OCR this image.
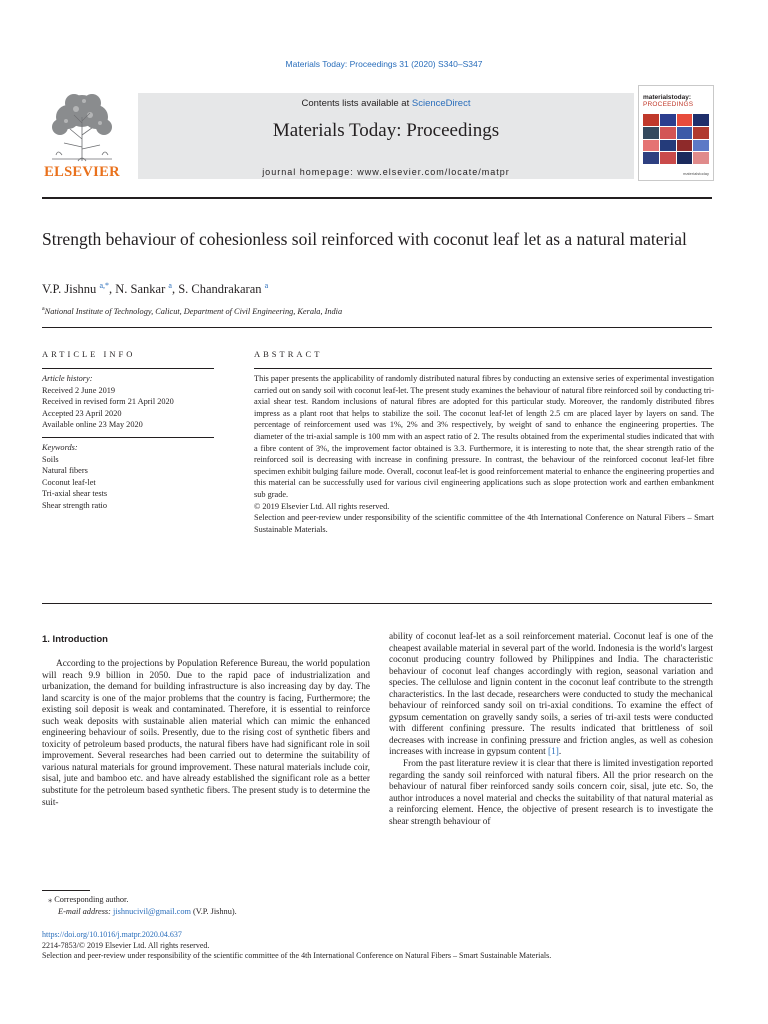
Materials Today: Proceedings 31 (2020) S340–S347
ELSEVIER
Contents lists available at ScienceDirect
Materials Today: Proceedings
journal homepage: www.elsevier.com/locate/matpr
materialstoday:
PROCEEDINGS
materialstoday
Strength behaviour of cohesionless soil reinforced with coconut leaf let as a natural material
V.P. Jishnu $^{a,*}$, N. Sankar $^a$, S. Chandrakaran $^a$
$^a$National Institute of Technology, Calicut, Department of Civil Engineering, Kerala, India
ARTICLE INFO
Article history:
Received 2 June 2019
Received in revised form 21 April 2020
Accepted 23 April 2020
Available online 23 May 2020
Keywords:
Soils
Natural fibers
Coconut leaf-let
Tri-axial shear tests
Shear strength ratio
ABSTRACT

This paper presents the applicability of randomly distributed natural fibres by conducting an extensive series of experimental investigation carried out on sandy soil with coconut leaf-let. The present study examines the behaviour of natural fibre reinforced soil by conducting tri-axial shear test. Random inclusions of natural fibres are adopted for this particular study. Moreover, the randomly distributed fibres impress as a plant root that helps to stabilize the soil. The coconut leaf-let of length 2.5 cm are placed layer by layers on sand. The percentage of reinforcement used was 1%, 2% and 3% respectively, by weight of sand to enhance the engineering properties. The diameter of the tri-axial sample is 100 mm with an aspect ratio of 2. The results obtained from the experimental studies indicated that with a fibre content of 3%, the improvement factor obtained is 3.3. Furthermore, it is interesting to note that, the shear strength ratio of the reinforced soil is decreasing with increase in confining pressure. In contrast, the behaviour of the reinforced coconut leaf-let fibre specimen exhibit bulging failure mode. Overall, coconut leaf-let is good reinforcement material to enhance the engineering properties and this material can be successfully used for various civil engineering applications such as slope protection work and earthen embankment sub grade.

© 2019 Elsevier Ltd. All rights reserved.

Selection and peer-review under responsibility of the scientific committee of the 4th International Conference on Natural Fibers – Smart Sustainable Materials.

1. Introduction

According to the projections by Population Reference Bureau, the world population will reach 9.9 billion in 2050. Due to the rapid pace of industrialization and urbanization, the demand for building infrastructure is also increasing day by day. The land scarcity is one of the major problems that the country is facing, Furthermore; the existing soil deposit is weak and contaminated. Therefore, it is essential to reinforce such weak deposits with sustainable alien material which can mimic the enhanced engineering behaviour of soils. Presently, due to the rising cost of synthetic fibers and toxicity of petroleum based products, the natural fibers have had significant role in soil improvement. Several researches had been carried out to determine the suitability of various natural materials for ground improvement. These natural materials include coir, sisal, jute and bamboo etc. and have already established the significant role as a better substitute for the petroleum based synthetic fibers. The present study is to determine the suit-

ability of coconut leaf-let as a soil reinforcement material. Coconut leaf is one of the cheapest available material in several part of the world. Indonesia is the world's largest coconut producing country followed by Philippines and India. The characteristic behaviour of coconut leaf changes accordingly with region, seasonal variation and species. The cellulose and lignin content in the coconut leaf contribute to the strength characteristics. In the last decade, researchers were conducted to study the mechanical behaviour of reinforced sandy soil on tri-axial conditions. To examine the effect of gypsum cementation on gravelly sandy soils, a series of tri-axil tests were conducted with different confining pressure. The results indicated that brittleness of soil decreases with increase in confining pressure and friction angles, as well as cohesion increases with increase in gypsum content [1].

From the past literature review it is clear that there is limited investigation reported regarding the sandy soil reinforced with natural fibers. All the prior research on the behaviour of natural fiber reinforced sandy soils concern coir, sisal, jute etc. So, the author introduces a novel material and checks the suitability of that natural material as a reinforcing element. Hence, the objective of present research is to investigate the shear strength behaviour of

⁎ Corresponding author.
E-mail address: jishnucivil@gmail.com (V.P. Jishnu).
https://doi.org/10.1016/j.matpr.2020.04.637
2214-7853/© 2019 Elsevier Ltd. All rights reserved.
Selection and peer-review under responsibility of the scientific committee of the 4th International Conference on Natural Fibers – Smart Sustainable Materials.
